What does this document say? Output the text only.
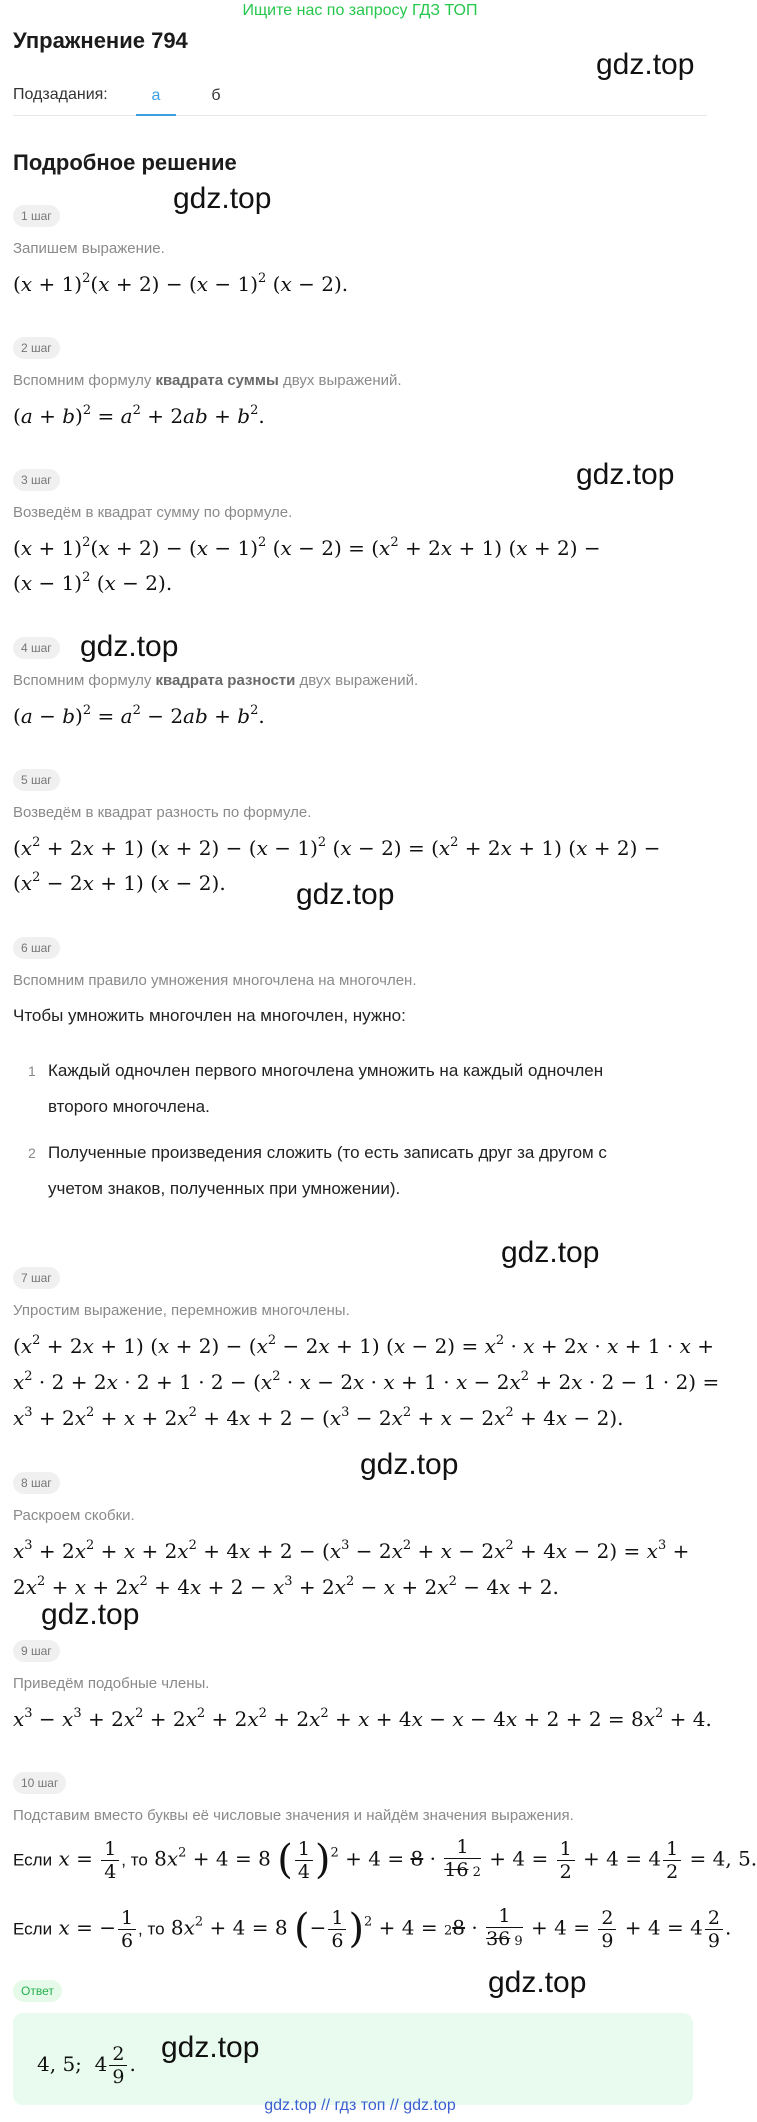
Ищите нас по запросу ГДЗ ТОП
Упражнение 794
gdz.top
Подзадания:	а	б
Подробное решение
gdz.top
1 шаг
Запишем выражение.
$(x + 1)^2(x + 2) - (x - 1)^2$ (x − 2).
2 шаг
Вспомним формулу квадрата суммы двух выражений.
$(a + b)^2 = a^2 + 2ab + b^2$.
gdz.top
3 шаг
Возведём в квадрат сумму по формуле.
$(x + 1)^2(x + 2) - (x - 1)^2$ $(x - 2) = (x^2 + 2x + 1) (x + 2)$ −
$(x - 1)^2$ (x − 2).
4 шаг gdz.top
Вспомним формулу квадрата разности двух выражений.
$(a - b)^2 = a^2 - 2ab + b^2$.
5 шаг
Возведём в квадрат разность по формуле.
$(x^2 + 2x + 1) (x + 2) - (x - 1)^2$ $(x - 2) = (x^2 + 2x + 1) (x + 2)$ −
$(x^2 - 2x + 1) (x - 2)$. gdz.top
6 шаг
Вспомним правило умножения многочлена на многочлен.
Чтобы умножить многочлен на многочлен, нужно:
1 Каждый одночлен первого многочлена умножить на каждый одночлен
второго многочлена.
2 Полученные произведения сложить (то есть записать друг за другом с
учетом знаков, полученных при умножении).
gdz.top
7 шаг
Упростим выражение, перемножив многочлены.
$(x^2 + 2x + 1) (x + 2) - (x^2 - 2x + 1) (x - 2) = x^2 \cdot x + 2x \cdot x + 1 \cdot x$ +
$x^2 \cdot 2 + 2x \cdot 2 + 1 \cdot 2 - (x^2 \cdot x - 2x \cdot x + 1 \cdot x - 2x^2 + 2x \cdot 2 - 1 \cdot 2)$ =
$x^3 + 2x^2 + x + 2x^2 + 4x + 2 - (x^3 - 2x^2 + x - 2x^2 + 4x - 2)$.
gdz.top
8 шаг
Раскроем скобки.
$x^3 + 2x^2 + x + 2x^2 + 4x + 2 - (x^3 - 2x^2 + x - 2x^2 + 4x - 2) = x^3$ +
$2x^2 + x + 2x^2 + 4x + 2 - x^3 + 2x^2 - x + 2x^2 - 4x + 2$.
gdz.top
9 шаг
Приведём подобные члены.
$x^3 - x^3 + 2x^2 + 2x^2 + 2x^2 + 2x^2 + x + 4x - x - 4x + 2 + 2 = 8x^2 + 4$.
10 шаг
Подставим вместо буквы её числовые значения и найдём значения выражения.
Если $x = \frac{1}{4}$ , то $8x^2 + 4 = 8$ ( $\frac{1}{4} )^2 + 4 = 8 \cdot \frac{1}{16 2} + 4 = \frac{1}{2} + 4 = 4 \frac{1}{2} = 4$, 5.
Если x = − $\frac{1}{6}$ , то $8x^2 + 4 = 8$ (− $\frac{1}{6} )^2 + 4 = 28 \cdot \frac{1}{36 9} + 4 = \frac{2}{9} + 4 = 4 \frac{2}{9}$ .
gdz.top
Ответ
4, 5;  $4 \frac{2}{9}$ . gdz.top
gdz.top // гдз топ // gdz.top
